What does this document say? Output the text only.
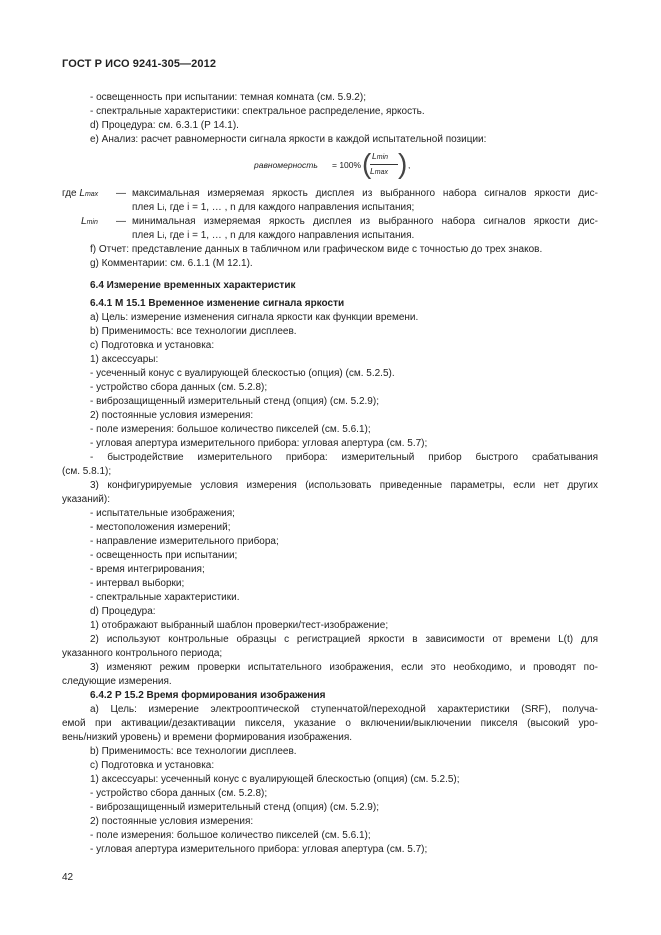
ГОСТ Р ИСО 9241-305—2012
- освещенность при испытании: темная комната (см. 5.9.2);
- спектральные характеристики: спектральное распределение, яркость.
d) Процедура: см. 6.3.1 (P 14.1).
e) Анализ: расчет равномерности сигнала яркости в каждой испытательной позиции:
равномерность = 100% ( Lmin
Lmax ) ,
где Lmax — максимальная измеряемая яркость дисплея из выбранного набора сигналов яркости дис-
плея Li, где i = 1, … , n для каждого направления испытания;
Lmin — минимальная измеряемая яркость дисплея из выбранного набора сигналов яркости дис-
плея Li, где i = 1, … , n для каждого направления испытания.
f) Отчет: представление данных в табличном или графическом виде с точностью до трех знаков.
g) Комментарии: см. 6.1.1 (M 12.1).
6.4 Измерение временных характеристик
6.4.1 M 15.1 Временное изменение сигнала яркости
a) Цель: измерение изменения сигнала яркости как функции времени.
b) Применимость: все технологии дисплеев.
c) Подготовка и установка:
1) аксессуары:
- усеченный конус с вуалирующей блескостью (опция) (см. 5.2.5).
- устройство сбора данных (см. 5.2.8);
- виброзащищенный измерительный стенд (опция) (см. 5.2.9);
2) постоянные условия измерения:
- поле измерения: большое количество пикселей (см. 5.6.1);
- угловая апертура измерительного прибора: угловая апертура (см. 5.7);
- быстродействие измерительного прибора: измерительный прибор быстрого срабатывания
(см. 5.8.1);
3) конфигурируемые условия измерения (использовать приведенные параметры, если нет других
указаний):
- испытательные изображения;
- местоположения измерений;
- направление измерительного прибора;
- освещенность при испытании;
- время интегрирования;
- интервал выборки;
- спектральные характеристики.
d) Процедура:
1) отображают выбранный шаблон проверки/тест-изображение;
2) используют контрольные образцы с регистрацией яркости в зависимости от времени L(t) для
указанного контрольного периода;
3) изменяют режим проверки испытательного изображения, если это необходимо, и проводят по-
следующие измерения.
6.4.2 P 15.2 Время формирования изображения
a) Цель: измерение электрооптической ступенчатой/переходной характеристики (SRF), получа-
емой при активации/дезактивации пикселя, указание о включении/выключении пикселя (высокий уро-
вень/низкий уровень) и времени формирования изображения.
b) Применимость: все технологии дисплеев.
c) Подготовка и установка:
1) аксессуары: усеченный конус с вуалирующей блескостью (опция) (см. 5.2.5);
- устройство сбора данных (см. 5.2.8);
- виброзащищенный измерительный стенд (опция) (см. 5.2.9);
2) постоянные условия измерения:
- поле измерения: большое количество пикселей (см. 5.6.1);
- угловая апертура измерительного прибора: угловая апертура (см. 5.7);
42
